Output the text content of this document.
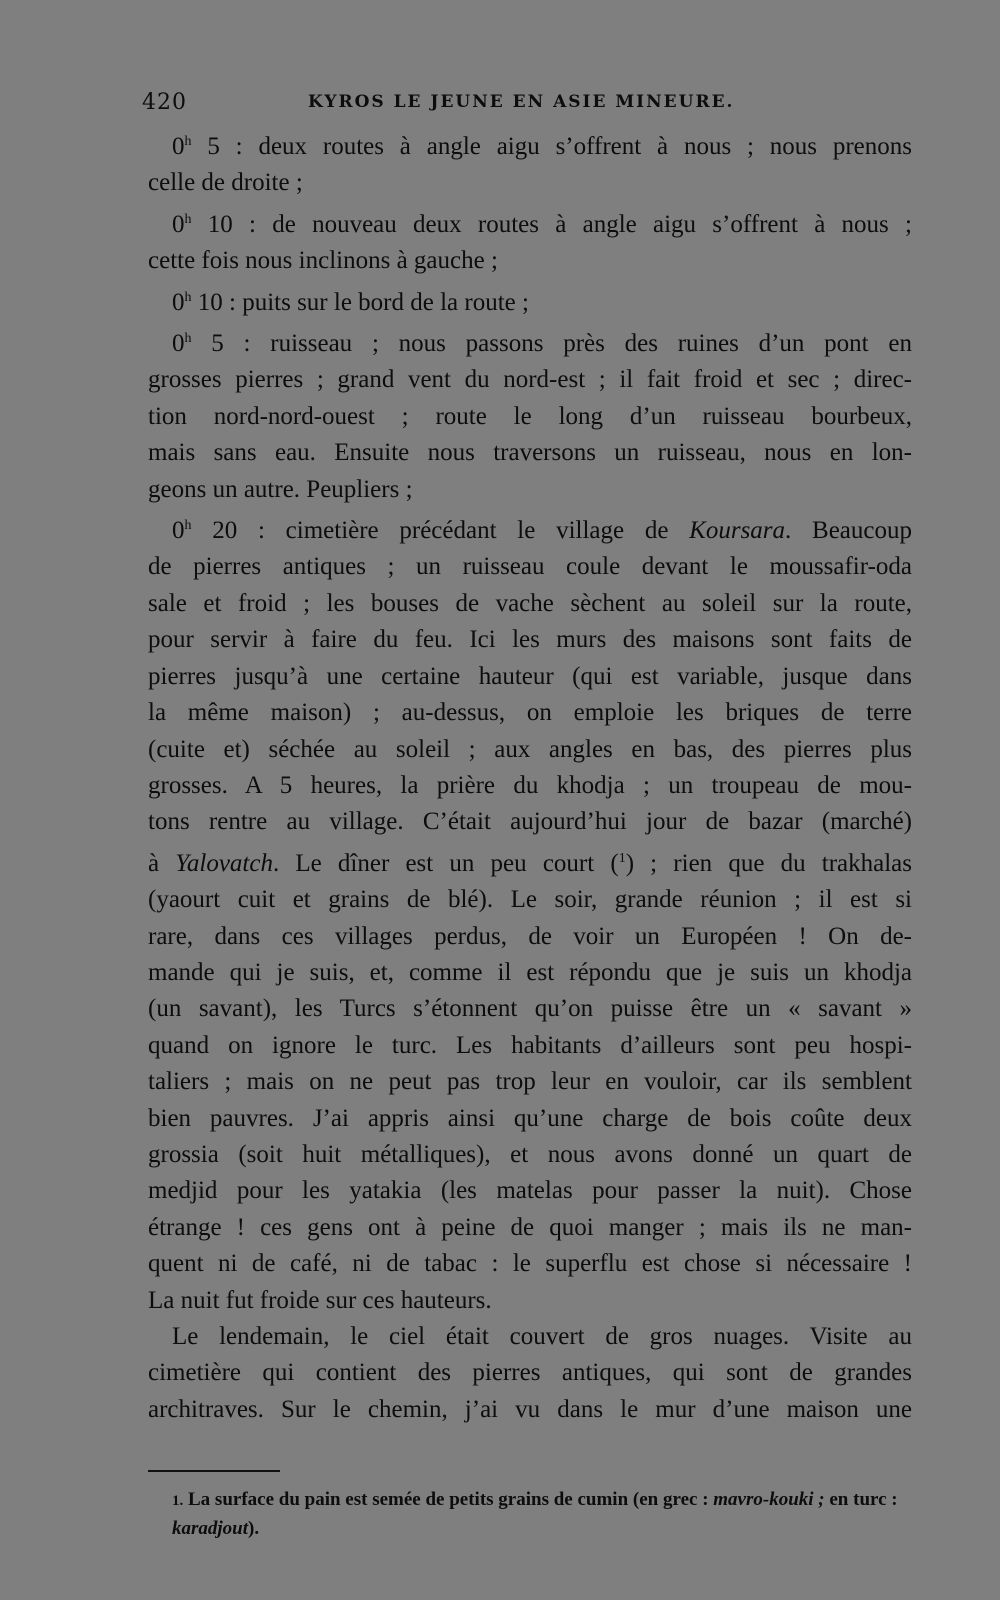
420	KYROS LE JEUNE EN ASIE MINEURE.

0$^h$ 5 : deux routes à angle aigu s’offrent à nous ; nous prenons
celle de droite ;

0$^h$ 10 : de nouveau deux routes à angle aigu s’offrent à nous ;
cette fois nous inclinons à gauche ;

0$^h$ 10 : puits sur le bord de la route ;

0$^h$ 5 : ruisseau ; nous passons près des ruines d’un pont en
grosses pierres ; grand vent du nord-est ; il fait froid et sec ; direc-
tion nord-nord-ouest ; route le long d’un ruisseau bourbeux,
mais sans eau. Ensuite nous traversons un ruisseau, nous en lon-
geons un autre. Peupliers ;

0$^h$ 20 : cimetière précédant le village de Koursara. Beaucoup
de pierres antiques ; un ruisseau coule devant le moussafir-oda
sale et froid ; les bouses de vache sèchent au soleil sur la route,
pour servir à faire du feu. Ici les murs des maisons sont faits de
pierres jusqu’à une certaine hauteur (qui est variable, jusque dans
la même maison) ; au-dessus, on emploie les briques de terre
(cuite et) séchée au soleil ; aux angles en bas, des pierres plus
grosses. A 5 heures, la prière du khodja ; un troupeau de mou-
tons rentre au village. C’était aujourd’hui jour de bazar (marché)
à Yalovatch. Le dîner est un peu court ($^1$) ; rien que du trakhalas
(yaourt cuit et grains de blé). Le soir, grande réunion ; il est si
rare, dans ces villages perdus, de voir un Européen ! On de-
mande qui je suis, et, comme il est répondu que je suis un khodja
(un savant), les Turcs s’étonnent qu’on puisse être un « savant »
quand on ignore le turc. Les habitants d’ailleurs sont peu hospi-
taliers ; mais on ne peut pas trop leur en vouloir, car ils semblent
bien pauvres. J’ai appris ainsi qu’une charge de bois coûte deux
grossia (soit huit métalliques), et nous avons donné un quart de
medjid pour les yatakia (les matelas pour passer la nuit). Chose
étrange ! ces gens ont à peine de quoi manger ; mais ils ne man-
quent ni de café, ni de tabac : le superflu est chose si nécessaire !
La nuit fut froide sur ces hauteurs.

Le lendemain, le ciel était couvert de gros nuages. Visite au
cimetière qui contient des pierres antiques, qui sont de grandes
architraves. Sur le chemin, j’ai vu dans le mur d’une maison une

1. La surface du pain est semée de petits grains de cumin (en grec : mavro-kouki ; en turc : karadjout).
